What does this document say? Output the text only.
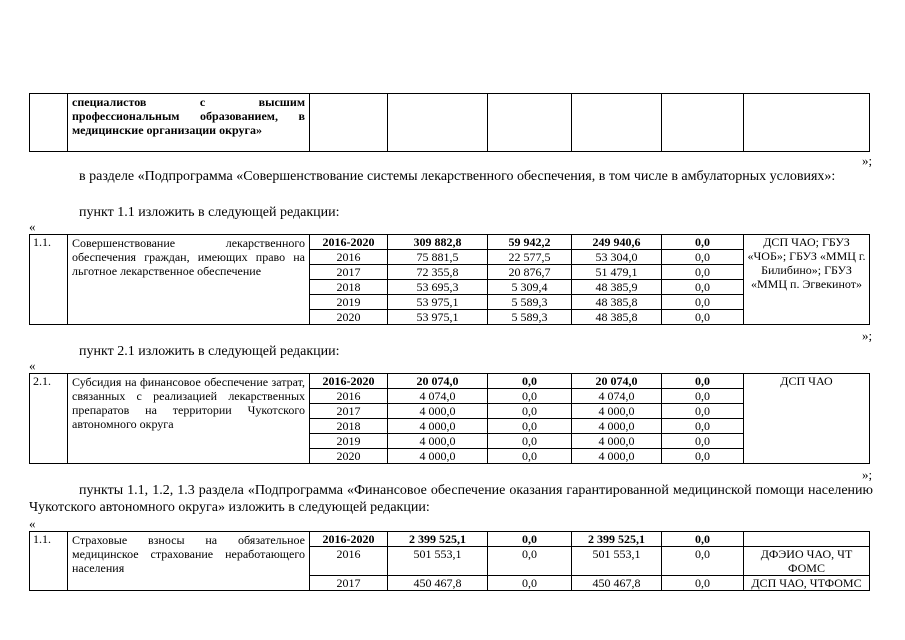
	специалистов с высшим профессиональным образованием, в медицинские организации округа»						
»;
в разделе «Подпрограмма «Совершенствование системы лекарственного обеспечения, в том числе в амбулаторных условиях»:
пункт 1.1 изложить в следующей редакции:
«
1.1.	Совершенствование лекарственного обеспечения граждан, имеющих право на льготное лекарственное обеспечение	2016-2020	309 882,8	59 942,2	249 940,6	0,0	ДСП ЧАО; ГБУЗ «ЧОБ»; ГБУЗ «ММЦ г. Билибино»; ГБУЗ «ММЦ п. Эгвекинот»
		2016	75 881,5	22 577,5	53 304,0	0,0	
		2017	72 355,8	20 876,7	51 479,1	0,0	
		2018	53 695,3	5 309,4	48 385,9	0,0	
		2019	53 975,1	5 589,3	48 385,8	0,0	
		2020	53 975,1	5 589,3	48 385,8	0,0	
»;
пункт 2.1 изложить в следующей редакции:
«
2.1.	Субсидия на финансовое обеспечение затрат, связанных с реализацией лекарственных препаратов на территории Чукотского автономного округа	2016-2020	20 074,0	0,0	20 074,0	0,0	ДСП ЧАО
		2016	4 074,0	0,0	4 074,0	0,0	
		2017	4 000,0	0,0	4 000,0	0,0	
		2018	4 000,0	0,0	4 000,0	0,0	
		2019	4 000,0	0,0	4 000,0	0,0	
		2020	4 000,0	0,0	4 000,0	0,0	
»;
пункты 1.1, 1.2, 1.3 раздела «Подпрограмма «Финансовое обеспечение оказания гарантированной медицинской помощи населению Чукотского автономного округа» изложить в следующей редакции:
«
1.1.	Страховые взносы на обязательное медицинское страхование неработающего населения	2016-2020	2 399 525,1	0,0	2 399 525,1	0,0	
		2016	501 553,1	0,0	501 553,1	0,0	ДФЭИО ЧАО, ЧТ ФОМС
		2017	450 467,8	0,0	450 467,8	0,0	ДСП ЧАО, ЧТФОМС
